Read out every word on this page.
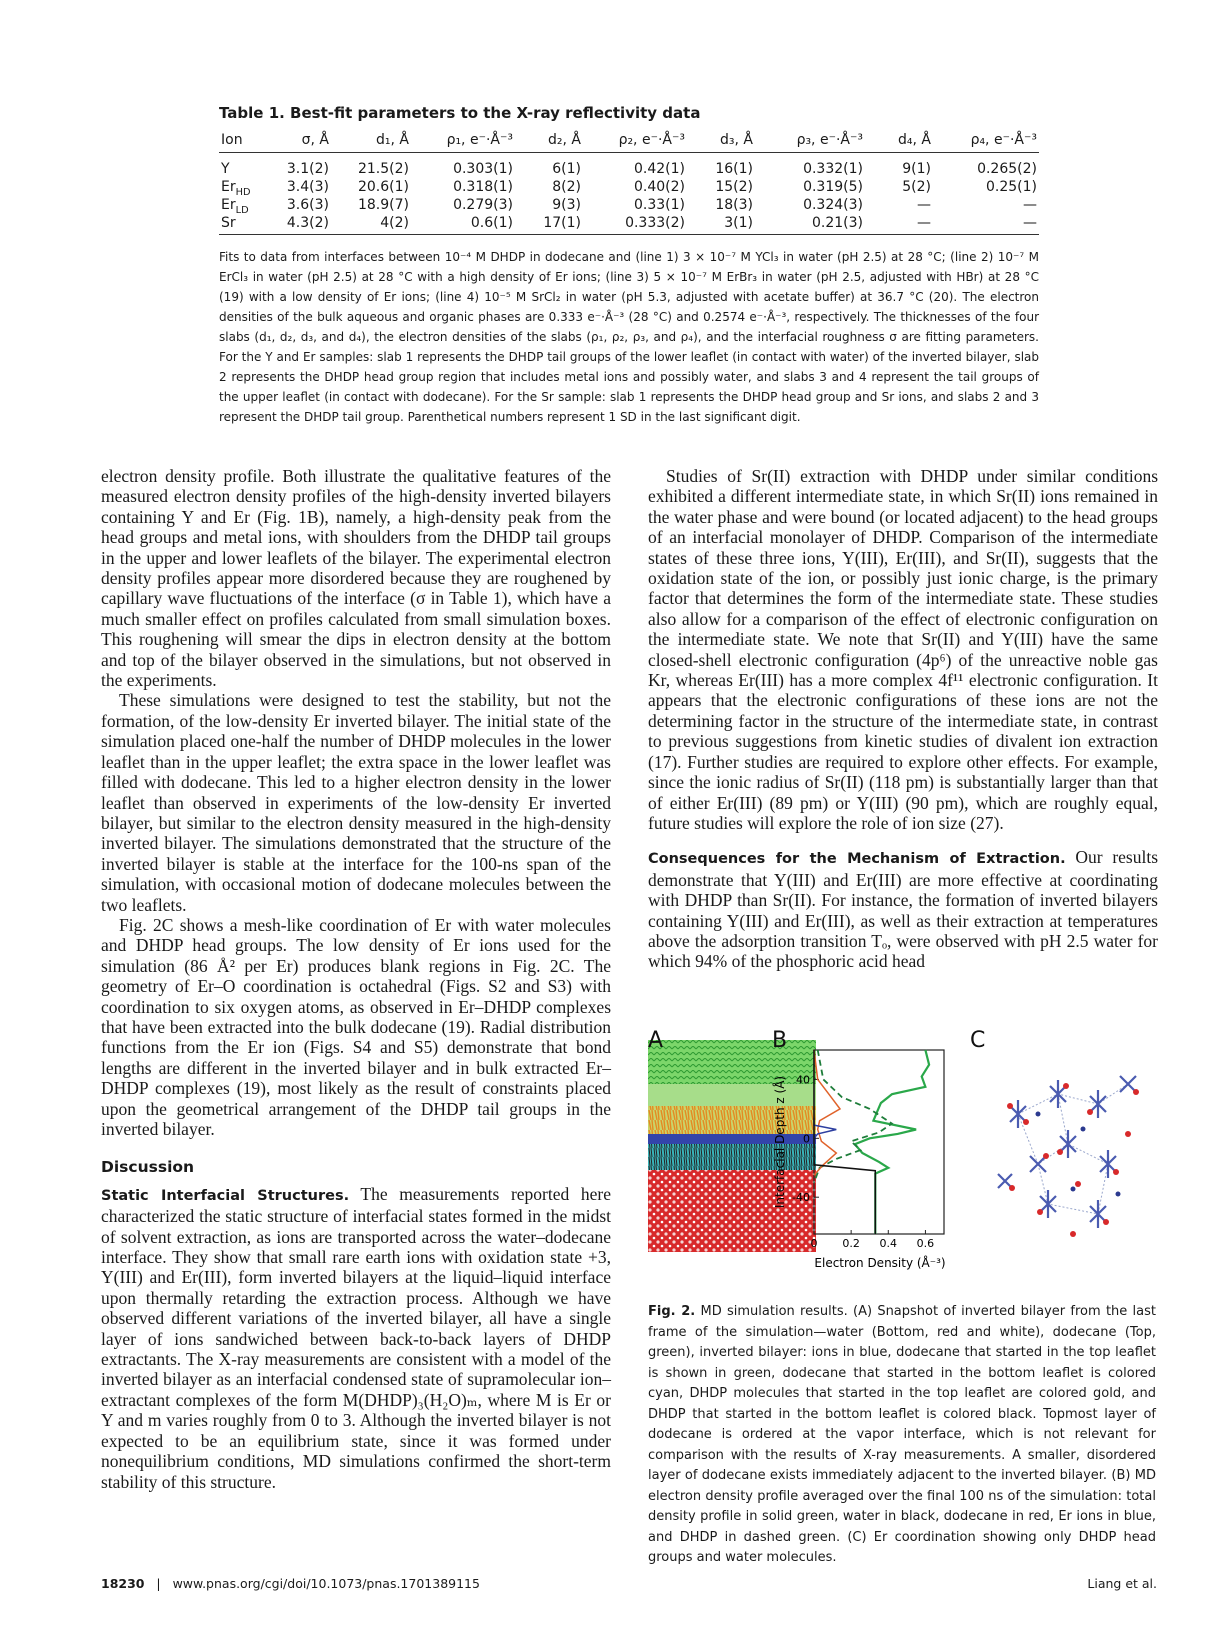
Table 1. Best-fit parameters to the X-ray reflectivity data
Ion	σ, Å	d₁, Å	ρ₁, e⁻·Å⁻³	d₂, Å	ρ₂, e⁻·Å⁻³	d₃, Å	ρ₃, e⁻·Å⁻³	d₄, Å	ρ₄, e⁻·Å⁻³
Y	3.1(2)	21.5(2)	0.303(1)	6(1)	0.42(1)	16(1)	0.332(1)	9(1)	0.265(2)
$Er_{HD}$	3.4(3)	20.6(1)	0.318(1)	8(2)	0.40(2)	15(2)	0.319(5)	5(2)	0.25(1)
$Er_{LD}$	3.6(3)	18.9(7)	0.279(3)	9(3)	0.33(1)	18(3)	0.324(3)	—	—
Sr	4.3(2)	4(2)	0.6(1)	17(1)	0.333(2)	3(1)	0.21(3)	—	—
Fits to data from interfaces between 10⁻⁴ M DHDP in dodecane and (line 1) 3 × 10⁻⁷ M YCl₃ in water (pH 2.5) at 28 °C; (line 2) 10⁻⁷ M ErCl₃ in water (pH 2.5) at 28 °C with a high density of Er ions; (line 3) 5 × 10⁻⁷ M ErBr₃ in water (pH 2.5, adjusted with HBr) at 28 °C (19) with a low density of Er ions; (line 4) 10⁻⁵ M SrCl₂ in water (pH 5.3, adjusted with acetate buffer) at 36.7 °C (20). The electron densities of the bulk aqueous and organic phases are 0.333 e⁻·Å⁻³ (28 °C) and 0.2574 e⁻·Å⁻³, respectively. The thicknesses of the four slabs (d₁, d₂, d₃, and d₄), the electron densities of the slabs (ρ₁, ρ₂, ρ₃, and ρ₄), and the interfacial roughness σ are fitting parameters. For the Y and Er samples: slab 1 represents the DHDP tail groups of the lower leaflet (in contact with water) of the inverted bilayer, slab 2 represents the DHDP head group region that includes metal ions and possibly water, and slabs 3 and 4 represent the tail groups of the upper leaflet (in contact with dodecane). For the Sr sample: slab 1 represents the DHDP head group and Sr ions, and slabs 2 and 3 represent the DHDP tail group. Parenthetical numbers represent 1 SD in the last significant digit.

electron density profile. Both illustrate the qualitative features of the measured electron density profiles of the high-density inverted bilayers containing Y and Er (Fig. 1B), namely, a high-density peak from the head groups and metal ions, with shoulders from the DHDP tail groups in the upper and lower leaflets of the bilayer. The experimental electron density profiles appear more disordered because they are roughened by capillary wave fluctuations of the interface (σ in Table 1), which have a much smaller effect on profiles calculated from small simulation boxes. This roughening will smear the dips in electron density at the bottom and top of the bilayer observed in the simulations, but not observed in the experiments.

These simulations were designed to test the stability, but not the formation, of the low-density Er inverted bilayer. The initial state of the simulation placed one-half the number of DHDP molecules in the lower leaflet than in the upper leaflet; the extra space in the lower leaflet was filled with dodecane. This led to a higher electron density in the lower leaflet than observed in experiments of the low-density Er inverted bilayer, but similar to the electron density measured in the high-density inverted bilayer. The simulations demonstrated that the structure of the inverted bilayer is stable at the interface for the 100-ns span of the simulation, with occasional motion of dodecane molecules between the two leaflets.

Fig. 2C shows a mesh-like coordination of Er with water molecules and DHDP head groups. The low density of Er ions used for the simulation (86 Å² per Er) produces blank regions in Fig. 2C. The geometry of Er–O coordination is octahedral (Figs. S2 and S3) with coordination to six oxygen atoms, as observed in Er–DHDP complexes that have been extracted into the bulk dodecane (19). Radial distribution functions from the Er ion (Figs. S4 and S5) demonstrate that bond lengths are different in the inverted bilayer and in bulk extracted Er–DHDP complexes (19), most likely as the result of constraints placed upon the geometrical arrangement of the DHDP tail groups in the inverted bilayer.

Discussion

Static Interfacial Structures. The measurements reported here characterized the static structure of interfacial states formed in the midst of solvent extraction, as ions are transported across the water–dodecane interface. They show that small rare earth ions with oxidation state +3, Y(III) and Er(III), form inverted bilayers at the liquid–liquid interface upon thermally retarding the extraction process. Although we have observed different variations of the inverted bilayer, all have a single layer of ions sandwiched between back-to-back layers of DHDP extractants. The X-ray measurements are consistent with a model of the inverted bilayer as an interfacial condensed state of supramolecular ion–extractant complexes of the form M(DHDP)₃(H₂O)ₘ, where M is Er or Y and m varies roughly from 0 to 3. Although the inverted bilayer is not expected to be an equilibrium state, since it was formed under nonequilibrium conditions, MD simulations confirmed the short-term stability of this structure.

Studies of Sr(II) extraction with DHDP under similar conditions exhibited a different intermediate state, in which Sr(II) ions remained in the water phase and were bound (or located adjacent) to the head groups of an interfacial monolayer of DHDP. Comparison of the intermediate states of these three ions, Y(III), Er(III), and Sr(II), suggests that the oxidation state of the ion, or possibly just ionic charge, is the primary factor that determines the form of the intermediate state. These studies also allow for a comparison of the effect of electronic configuration on the intermediate state. We note that Sr(II) and Y(III) have the same closed-shell electronic configuration (4p⁶) of the unreactive noble gas Kr, whereas Er(III) has a more complex 4f¹¹ electronic configuration. It appears that the electronic configurations of these ions are not the determining factor in the structure of the intermediate state, in contrast to previous suggestions from kinetic studies of divalent ion extraction (17). Further studies are required to explore other effects. For example, since the ionic radius of Sr(II) (118 pm) is substantially larger than that of either Er(III) (89 pm) or Y(III) (90 pm), which are roughly equal, future studies will explore the role of ion size (27).

Consequences for the Mechanism of Extraction. Our results demonstrate that Y(III) and Er(III) are more effective at coordinating with DHDP than Sr(II). For instance, the formation of inverted bilayers containing Y(III) and Er(III), as well as their extraction at temperatures above the adsorption transition Tₒ, were observed with pH 2.5 water for which 94% of the phosphoric acid head

A	B
40
0
-40
0 0.2 0.4 0.6
Interfacial Depth z (Å)
Electron Density (Å⁻³)
C
Fig. 2. MD simulation results. (A) Snapshot of inverted bilayer from the last frame of the simulation—water (Bottom, red and white), dodecane (Top, green), inverted bilayer: ions in blue, dodecane that started in the top leaflet is shown in green, dodecane that started in the bottom leaflet is colored cyan, DHDP molecules that started in the top leaflet are colored gold, and DHDP that started in the bottom leaflet is colored black. Topmost layer of dodecane is ordered at the vapor interface, which is not relevant for comparison with the results of X-ray measurements. A smaller, disordered layer of dodecane exists immediately adjacent to the inverted bilayer. (B) MD electron density profile averaged over the final 100 ns of the simulation: total density profile in solid green, water in black, dodecane in red, Er ions in blue, and DHDP in dashed green. (C) Er coordination showing only DHDP head groups and water molecules.
18230 | www.pnas.org/cgi/doi/10.1073/pnas.1701389115	Liang et al.
